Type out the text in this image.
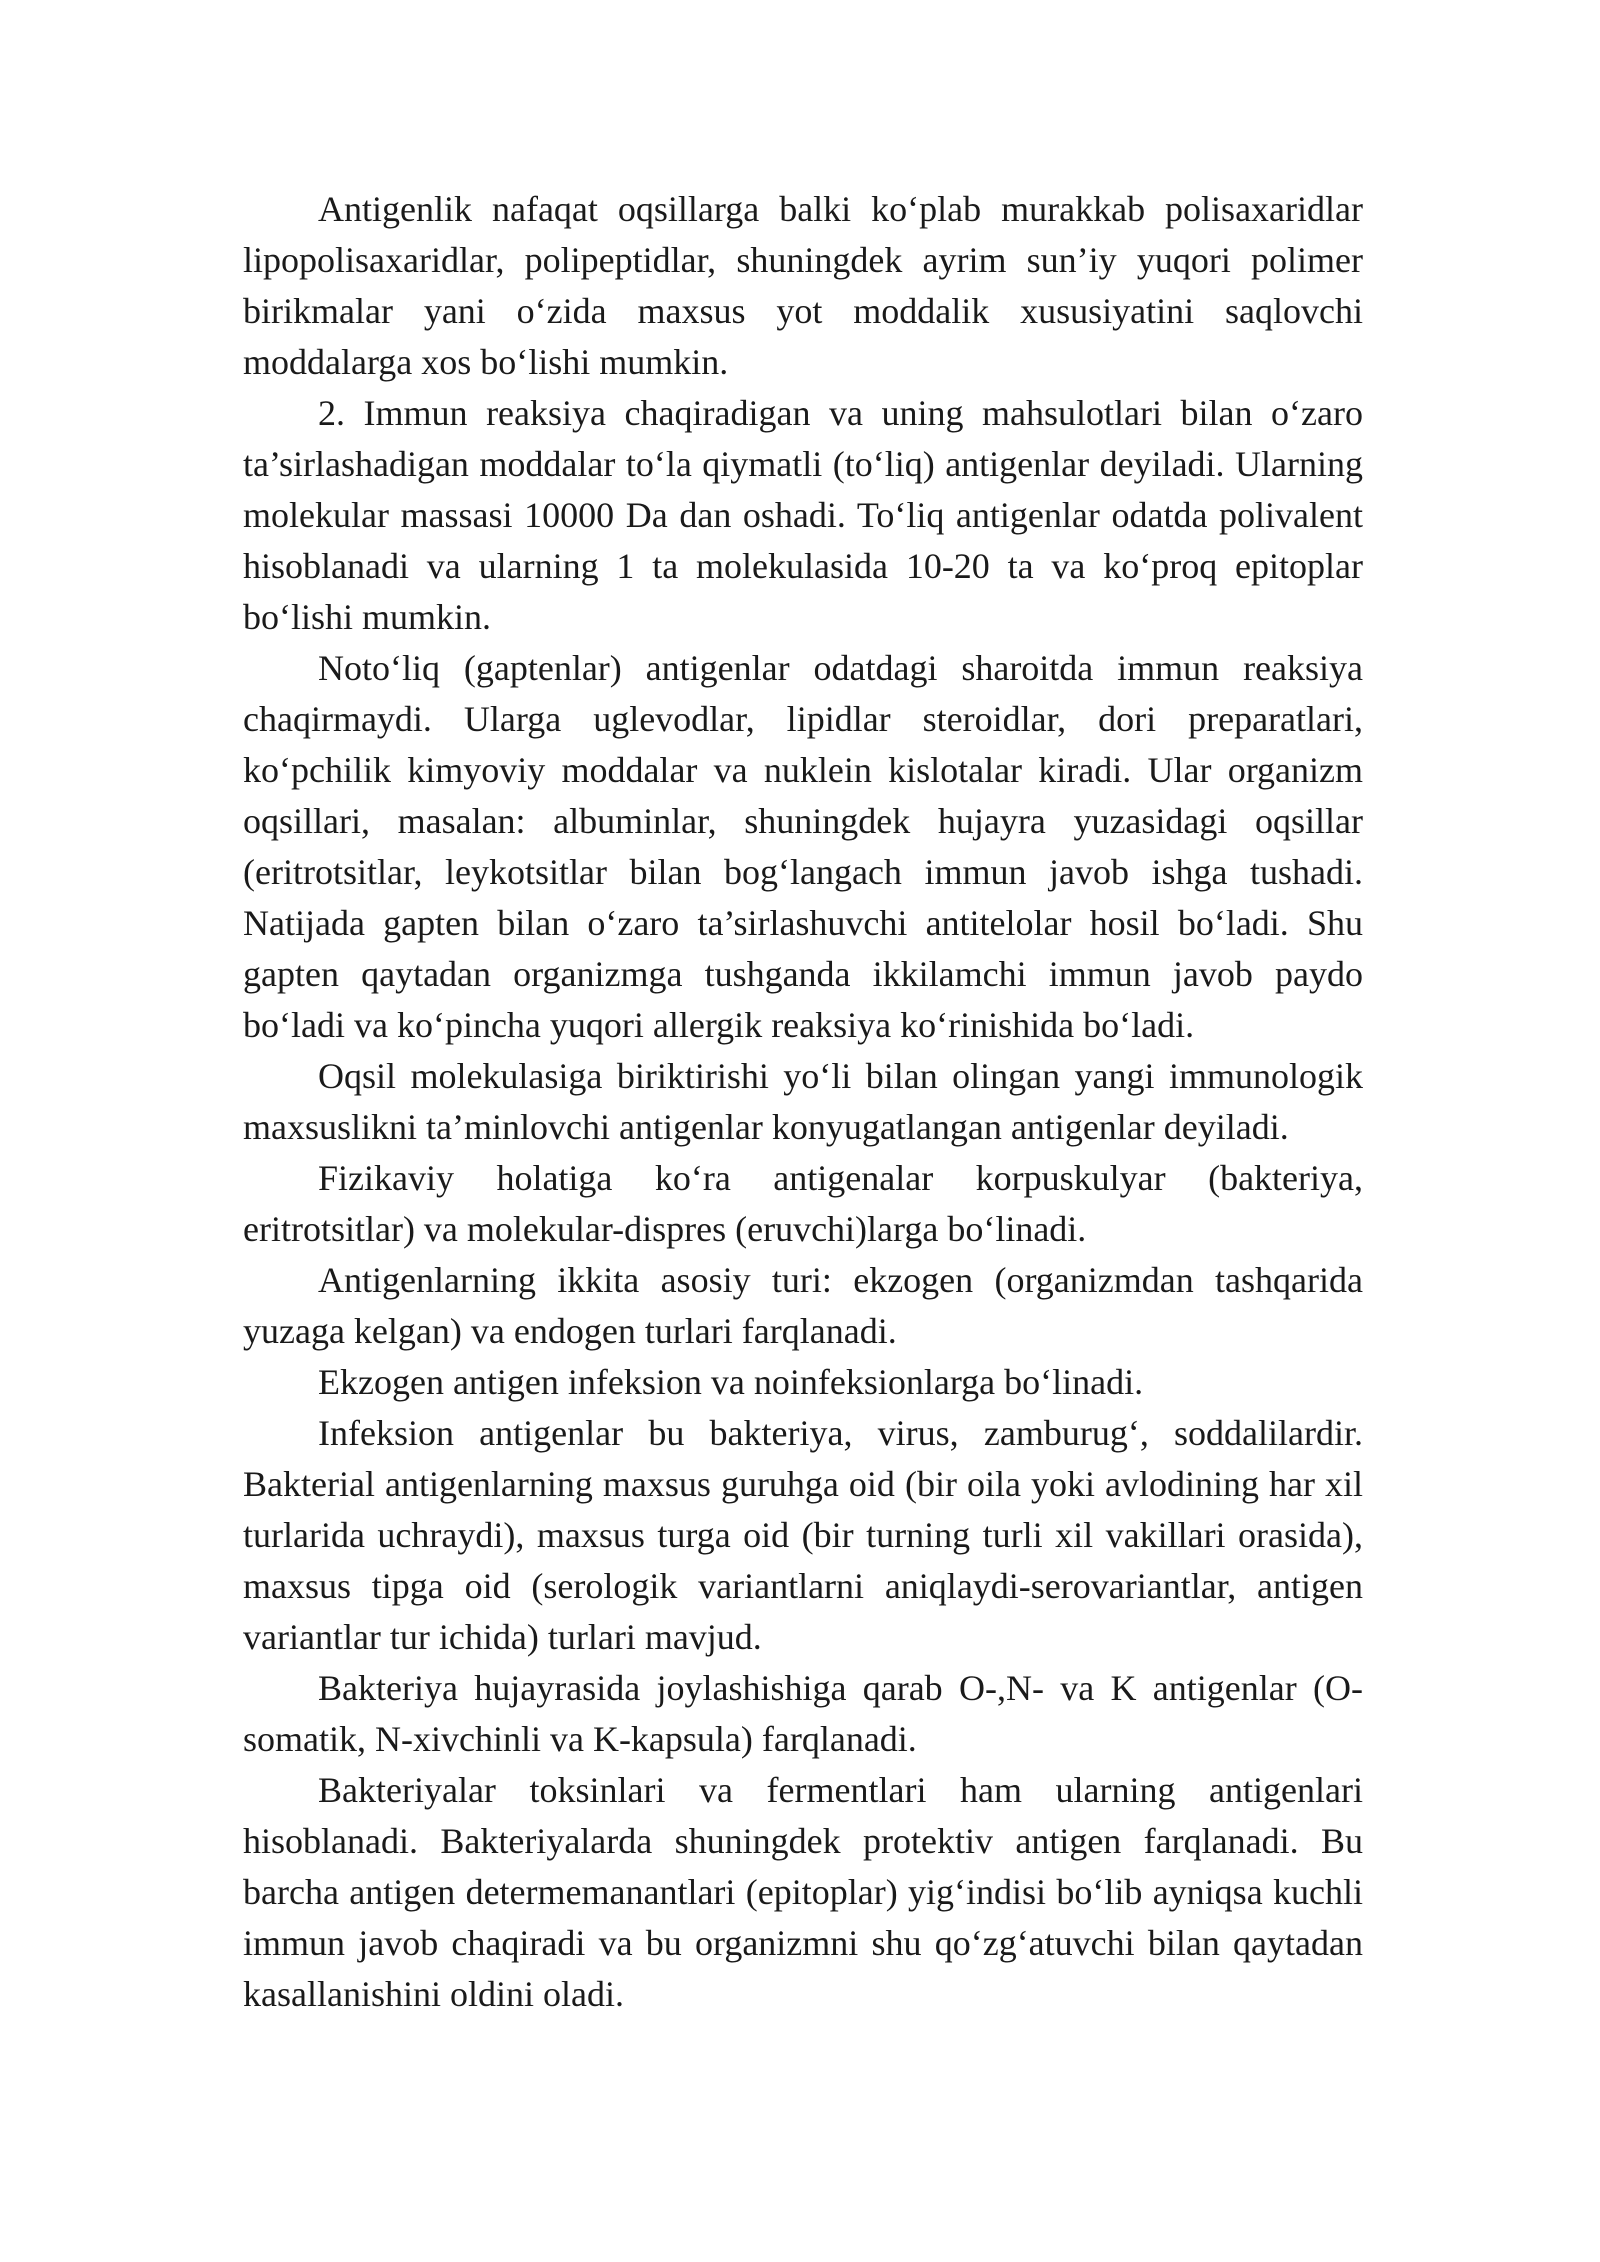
Antigenlik nafaqat oqsillarga balki ko‘plab murakkab polisaxaridlar lipopolisaxaridlar, polipeptidlar, shuningdek ayrim sun’iy yuqori polimer birikmalar yani o‘zida maxsus yot moddalik xususiyatini saqlovchi moddalarga xos bo‘lishi mumkin.

2. Immun reaksiya chaqiradigan va uning mahsulotlari bilan o‘zaro ta’sirlashadigan moddalar to‘la qiymatli (to‘liq) antigenlar deyiladi. Ularning molekular massasi 10000 Da dan oshadi. To‘liq antigenlar odatda polivalent hisoblanadi va ularning 1 ta molekulasida 10-20 ta va ko‘proq epitoplar bo‘lishi mumkin.

Noto‘liq (gaptenlar) antigenlar odatdagi sharoitda immun reaksiya chaqirmaydi. Ularga uglevodlar, lipidlar steroidlar, dori preparatlari, ko‘pchilik kimyoviy moddalar va nuklein kislotalar kiradi. Ular organizm oqsillari, masalan: albuminlar, shuningdek hujayra yuzasidagi oqsillar (eritrotsitlar, leykotsitlar bilan bog‘langach immun javob ishga tushadi. Natijada gapten bilan o‘zaro ta’sirlashuvchi antitelolar hosil bo‘ladi. Shu gapten qaytadan organizmga tushganda ikkilamchi immun javob paydo bo‘ladi va ko‘pincha yuqori allergik reaksiya ko‘rinishida bo‘ladi.

Oqsil molekulasiga biriktirishi yo‘li bilan olingan yangi immunologik maxsuslikni ta’minlovchi antigenlar konyugatlangan antigenlar deyiladi.

Fizikaviy holatiga ko‘ra antigenalar korpuskulyar (bakteriya, eritrotsitlar) va molekular-dispres (eruvchi)larga bo‘linadi.

Antigenlarning ikkita asosiy turi: ekzogen (organizmdan tashqarida yuzaga kelgan) va endogen turlari farqlanadi.

Ekzogen antigen infeksion va noinfeksionlarga bo‘linadi.

Infeksion antigenlar bu bakteriya, virus, zamburug‘, soddalilardir. Bakterial antigenlarning maxsus guruhga oid (bir oila yoki avlodining har xil turlarida uchraydi), maxsus turga oid (bir turning turli xil vakillari orasida), maxsus tipga oid (serologik variantlarni aniqlaydi-serovariantlar, antigen variantlar tur ichida) turlari mavjud.

Bakteriya hujayrasida joylashishiga qarab O-,N- va K antigenlar (O-somatik, N-xivchinli va K-kapsula) farqlanadi.

Bakteriyalar toksinlari va fermentlari ham ularning antigenlari hisoblanadi. Bakteriyalarda shuningdek protektiv antigen farqlanadi. Bu barcha antigen determemanantlari (epitoplar) yig‘indisi bo‘lib ayniqsa kuchli immun javob chaqiradi va bu organizmni shu qo‘zg‘atuvchi bilan qaytadan kasallanishini oldini oladi.
